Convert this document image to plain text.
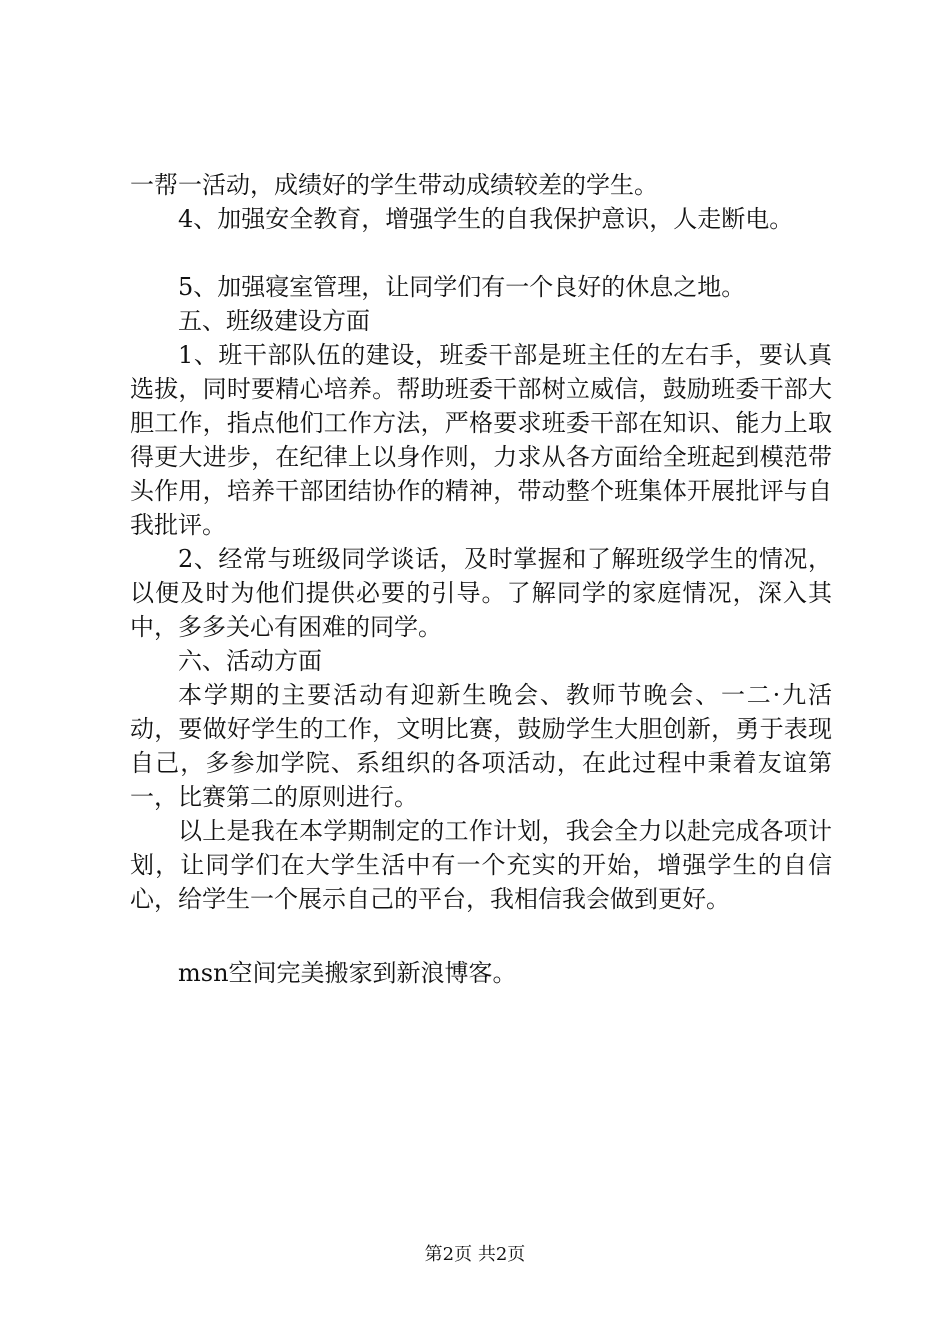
一帮一活动，成绩好的学生带动成绩较差的学生。

4、加强安全教育，增强学生的自我保护意识，人走断电。

5、加强寝室管理，让同学们有一个良好的休息之地。

五、班级建设方面

1、班干部队伍的建设，班委干部是班主任的左右手，要认真选拔，同时要精心培养。帮助班委干部树立威信，鼓励班委干部大胆工作，指点他们工作方法，严格要求班委干部在知识、能力上取得更大进步，在纪律上以身作则，力求从各方面给全班起到模范带头作用，培养干部团结协作的精神，带动整个班集体开展批评与自我批评。

2、经常与班级同学谈话，及时掌握和了解班级学生的情况，以便及时为他们提供必要的引导。了解同学的家庭情况，深入其中，多多关心有困难的同学。

六、活动方面

本学期的主要活动有迎新生晚会、教师节晚会、一二·九活动，要做好学生的工作，文明比赛，鼓励学生大胆创新，勇于表现自己，多参加学院、系组织的各项活动，在此过程中秉着友谊第一，比赛第二的原则进行。

以上是我在本学期制定的工作计划，我会全力以赴完成各项计划，让同学们在大学生活中有一个充实的开始，增强学生的自信心，给学生一个展示自己的平台，我相信我会做到更好。

msn空间完美搬家到新浪博客。

第2页 共2页
